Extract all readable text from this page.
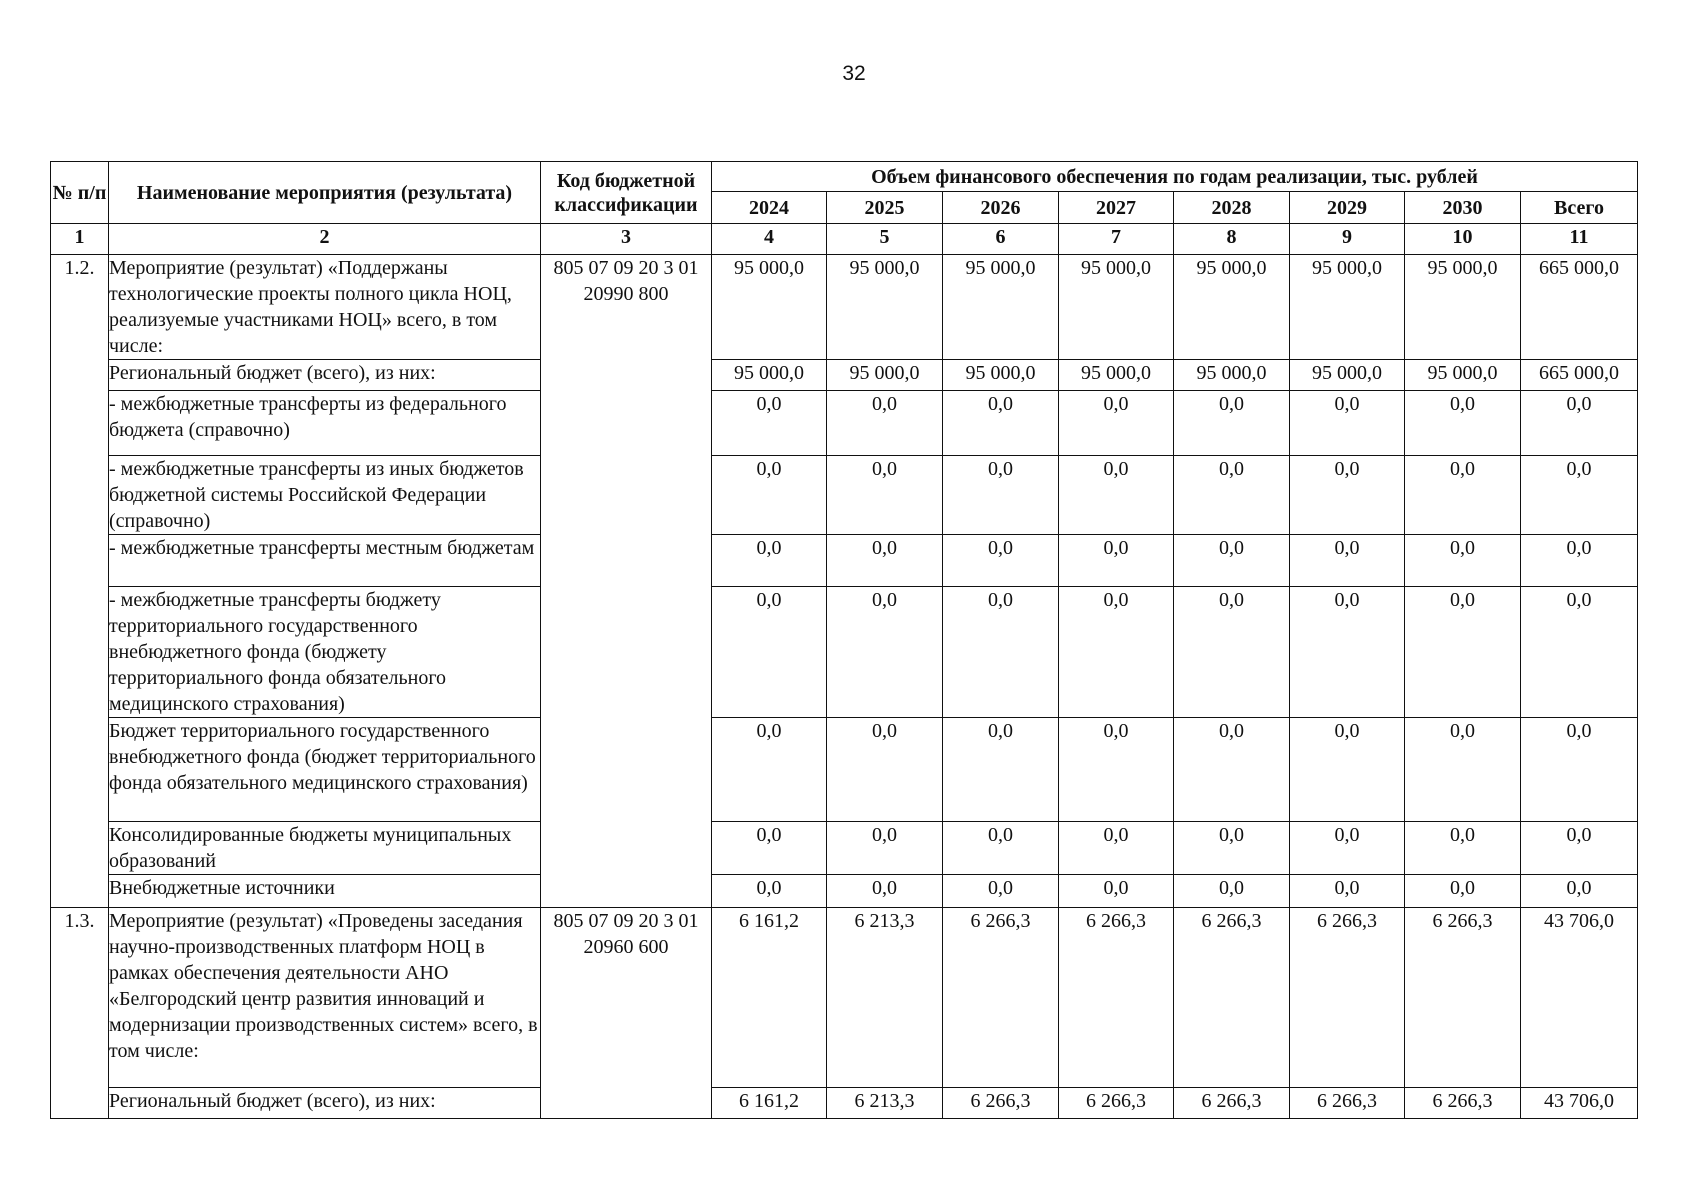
32
№ п/п	Наименование мероприятия (результата)	Код бюджетной классификации	Объем финансового обеспечения по годам реализации, тыс. рублей							
			2024	2025	2026	2027	2028	2029	2030	Всего
1	2	3	4	5	6	7	8	9	10	11
1.2.	Мероприятие (результат) «Поддержаны технологические проекты полного цикла НОЦ, реализуемые участниками НОЦ» всего, в том числе:	805 07 09 20 3 01 20990 800	95 000,0	95 000,0	95 000,0	95 000,0	95 000,0	95 000,0	95 000,0	665 000,0
	Региональный бюджет (всего), из них:		95 000,0	95 000,0	95 000,0	95 000,0	95 000,0	95 000,0	95 000,0	665 000,0
	- межбюджетные трансферты из федерального бюджета (справочно)		0,0	0,0	0,0	0,0	0,0	0,0	0,0	0,0
	- межбюджетные трансферты из иных бюджетов бюджетной системы Российской Федерации (справочно)		0,0	0,0	0,0	0,0	0,0	0,0	0,0	0,0
	- межбюджетные трансферты местным бюджетам		0,0	0,0	0,0	0,0	0,0	0,0	0,0	0,0
	- межбюджетные трансферты бюджету территориального государственного внебюджетного фонда (бюджету территориального фонда обязательного медицинского страхования)		0,0	0,0	0,0	0,0	0,0	0,0	0,0	0,0
	Бюджет территориального государственного внебюджетного фонда (бюджет территориального фонда обязательного медицинского страхования)		0,0	0,0	0,0	0,0	0,0	0,0	0,0	0,0
	Консолидированные бюджеты муниципальных образований		0,0	0,0	0,0	0,0	0,0	0,0	0,0	0,0
	Внебюджетные источники		0,0	0,0	0,0	0,0	0,0	0,0	0,0	0,0
1.3.	Мероприятие (результат) «Проведены заседания научно-производственных платформ НОЦ в рамках обеспечения деятельности АНО «Белгородский центр развития инноваций и модернизации производственных систем» всего, в том числе:	805 07 09 20 3 01 20960 600	6 161,2	6 213,3	6 266,3	6 266,3	6 266,3	6 266,3	6 266,3	43 706,0
	Региональный бюджет (всего), из них:		6 161,2	6 213,3	6 266,3	6 266,3	6 266,3	6 266,3	6 266,3	43 706,0
